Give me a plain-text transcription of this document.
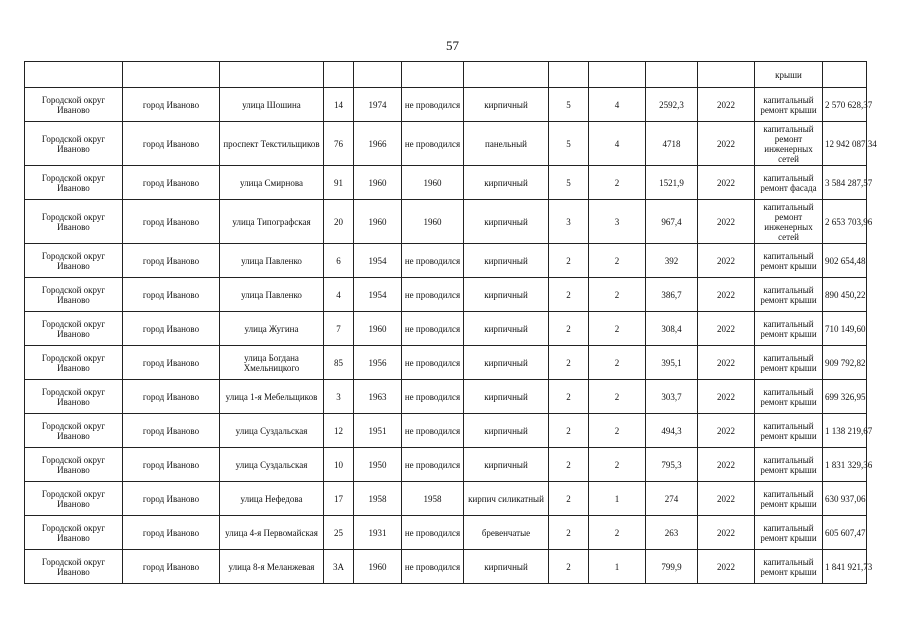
57
											крыши	
Городской округ Иваново	город Иваново	улица Шошина	14	1974	не проводился	кирпичный	5	4	2592,3	2022	капитальный ремонт крыши	2 570 628,37
Городской округ Иваново	город Иваново	проспект Текстильщиков	76	1966	не проводился	панельный	5	4	4718	2022	капитальный ремонт инженерных сетей	12 942 087,34
Городской округ Иваново	город Иваново	улица Смирнова	91	1960	1960	кирпичный	5	2	1521,9	2022	капитальный ремонт фасада	3 584 287,57
Городской округ Иваново	город Иваново	улица Типографская	20	1960	1960	кирпичный	3	3	967,4	2022	капитальный ремонт инженерных сетей	2 653 703,96
Городской округ Иваново	город Иваново	улица Павленко	6	1954	не проводился	кирпичный	2	2	392	2022	капитальный ремонт крыши	902 654,48
Городской округ Иваново	город Иваново	улица Павленко	4	1954	не проводился	кирпичный	2	2	386,7	2022	капитальный ремонт крыши	890 450,22
Городской округ Иваново	город Иваново	улица Жугина	7	1960	не проводился	кирпичный	2	2	308,4	2022	капитальный ремонт крыши	710 149,60
Городской округ Иваново	город Иваново	улица Богдана Хмельницкого	85	1956	не проводился	кирпичный	2	2	395,1	2022	капитальный ремонт крыши	909 792,82
Городской округ Иваново	город Иваново	улица 1-я Мебельщиков	3	1963	не проводился	кирпичный	2	2	303,7	2022	капитальный ремонт крыши	699 326,95
Городской округ Иваново	город Иваново	улица Суздальская	12	1951	не проводился	кирпичный	2	2	494,3	2022	капитальный ремонт крыши	1 138 219,67
Городской округ Иваново	город Иваново	улица Суздальская	10	1950	не проводился	кирпичный	2	2	795,3	2022	капитальный ремонт крыши	1 831 329,36
Городской округ Иваново	город Иваново	улица Нефедова	17	1958	1958	кирпич силикатный	2	1	274	2022	капитальный ремонт крыши	630 937,06
Городской округ Иваново	город Иваново	улица 4-я Первомайская	25	1931	не проводился	бревенчатые	2	2	263	2022	капитальный ремонт крыши	605 607,47
Городской округ Иваново	город Иваново	улица 8-я Меланжевая	3А	1960	не проводился	кирпичный	2	1	799,9	2022	капитальный ремонт крыши	1 841 921,73
